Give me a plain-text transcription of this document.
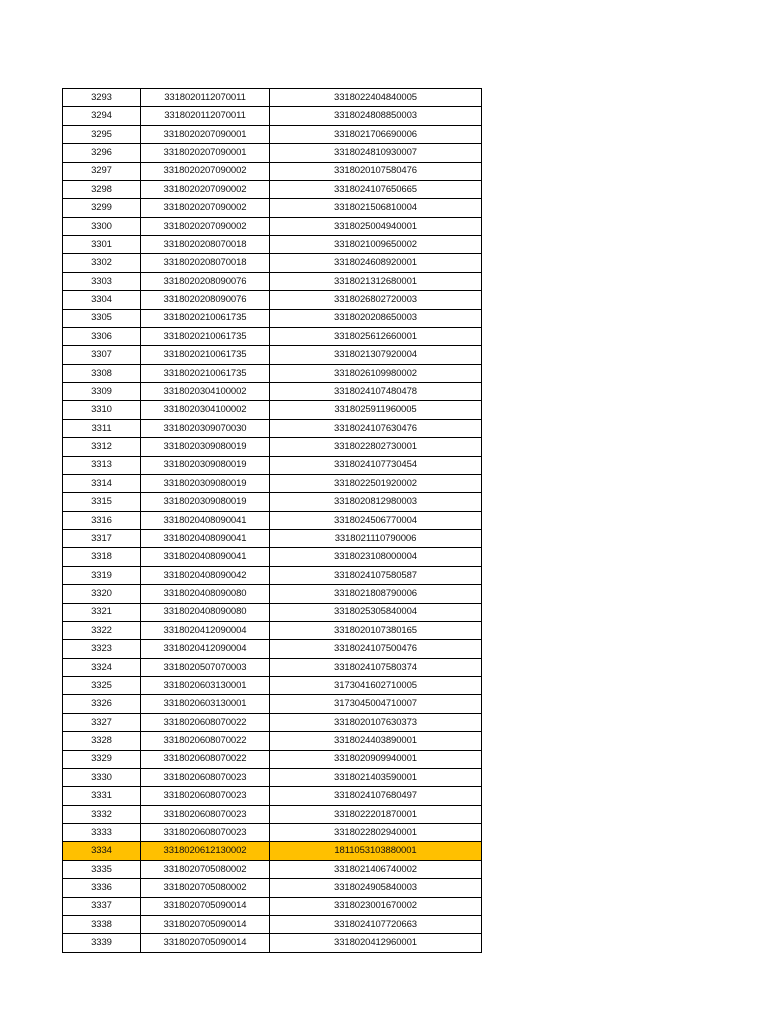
3293	3318020112070011	3318022404840005
3294	3318020112070011	3318024808850003
3295	3318020207090001	3318021706690006
3296	3318020207090001	3318024810930007
3297	3318020207090002	3318020107580476
3298	3318020207090002	3318024107650665
3299	3318020207090002	3318021506810004
3300	3318020207090002	3318025004940001
3301	3318020208070018	3318021009650002
3302	3318020208070018	3318024608920001
3303	3318020208090076	3318021312680001
3304	3318020208090076	3318026802720003
3305	3318020210061735	3318020208650003
3306	3318020210061735	3318025612660001
3307	3318020210061735	3318021307920004
3308	3318020210061735	3318026109980002
3309	3318020304100002	3318024107480478
3310	3318020304100002	3318025911960005
3311	3318020309070030	3318024107630476
3312	3318020309080019	3318022802730001
3313	3318020309080019	3318024107730454
3314	3318020309080019	3318022501920002
3315	3318020309080019	3318020812980003
3316	3318020408090041	3318024506770004
3317	3318020408090041	3318021110790006
3318	3318020408090041	3318023108000004
3319	3318020408090042	3318024107580587
3320	3318020408090080	3318021808790006
3321	3318020408090080	3318025305840004
3322	3318020412090004	3318020107380165
3323	3318020412090004	3318024107500476
3324	3318020507070003	3318024107580374
3325	3318020603130001	3173041602710005
3326	3318020603130001	3173045004710007
3327	3318020608070022	3318020107630373
3328	3318020608070022	3318024403890001
3329	3318020608070022	3318020909940001
3330	3318020608070023	3318021403590001
3331	3318020608070023	3318024107680497
3332	3318020608070023	3318022201870001
3333	3318020608070023	3318022802940001
3334	3318020612130002	1811053103880001
3335	3318020705080002	3318021406740002
3336	3318020705080002	3318024905840003
3337	3318020705090014	3318023001670002
3338	3318020705090014	3318024107720663
3339	3318020705090014	3318020412960001
